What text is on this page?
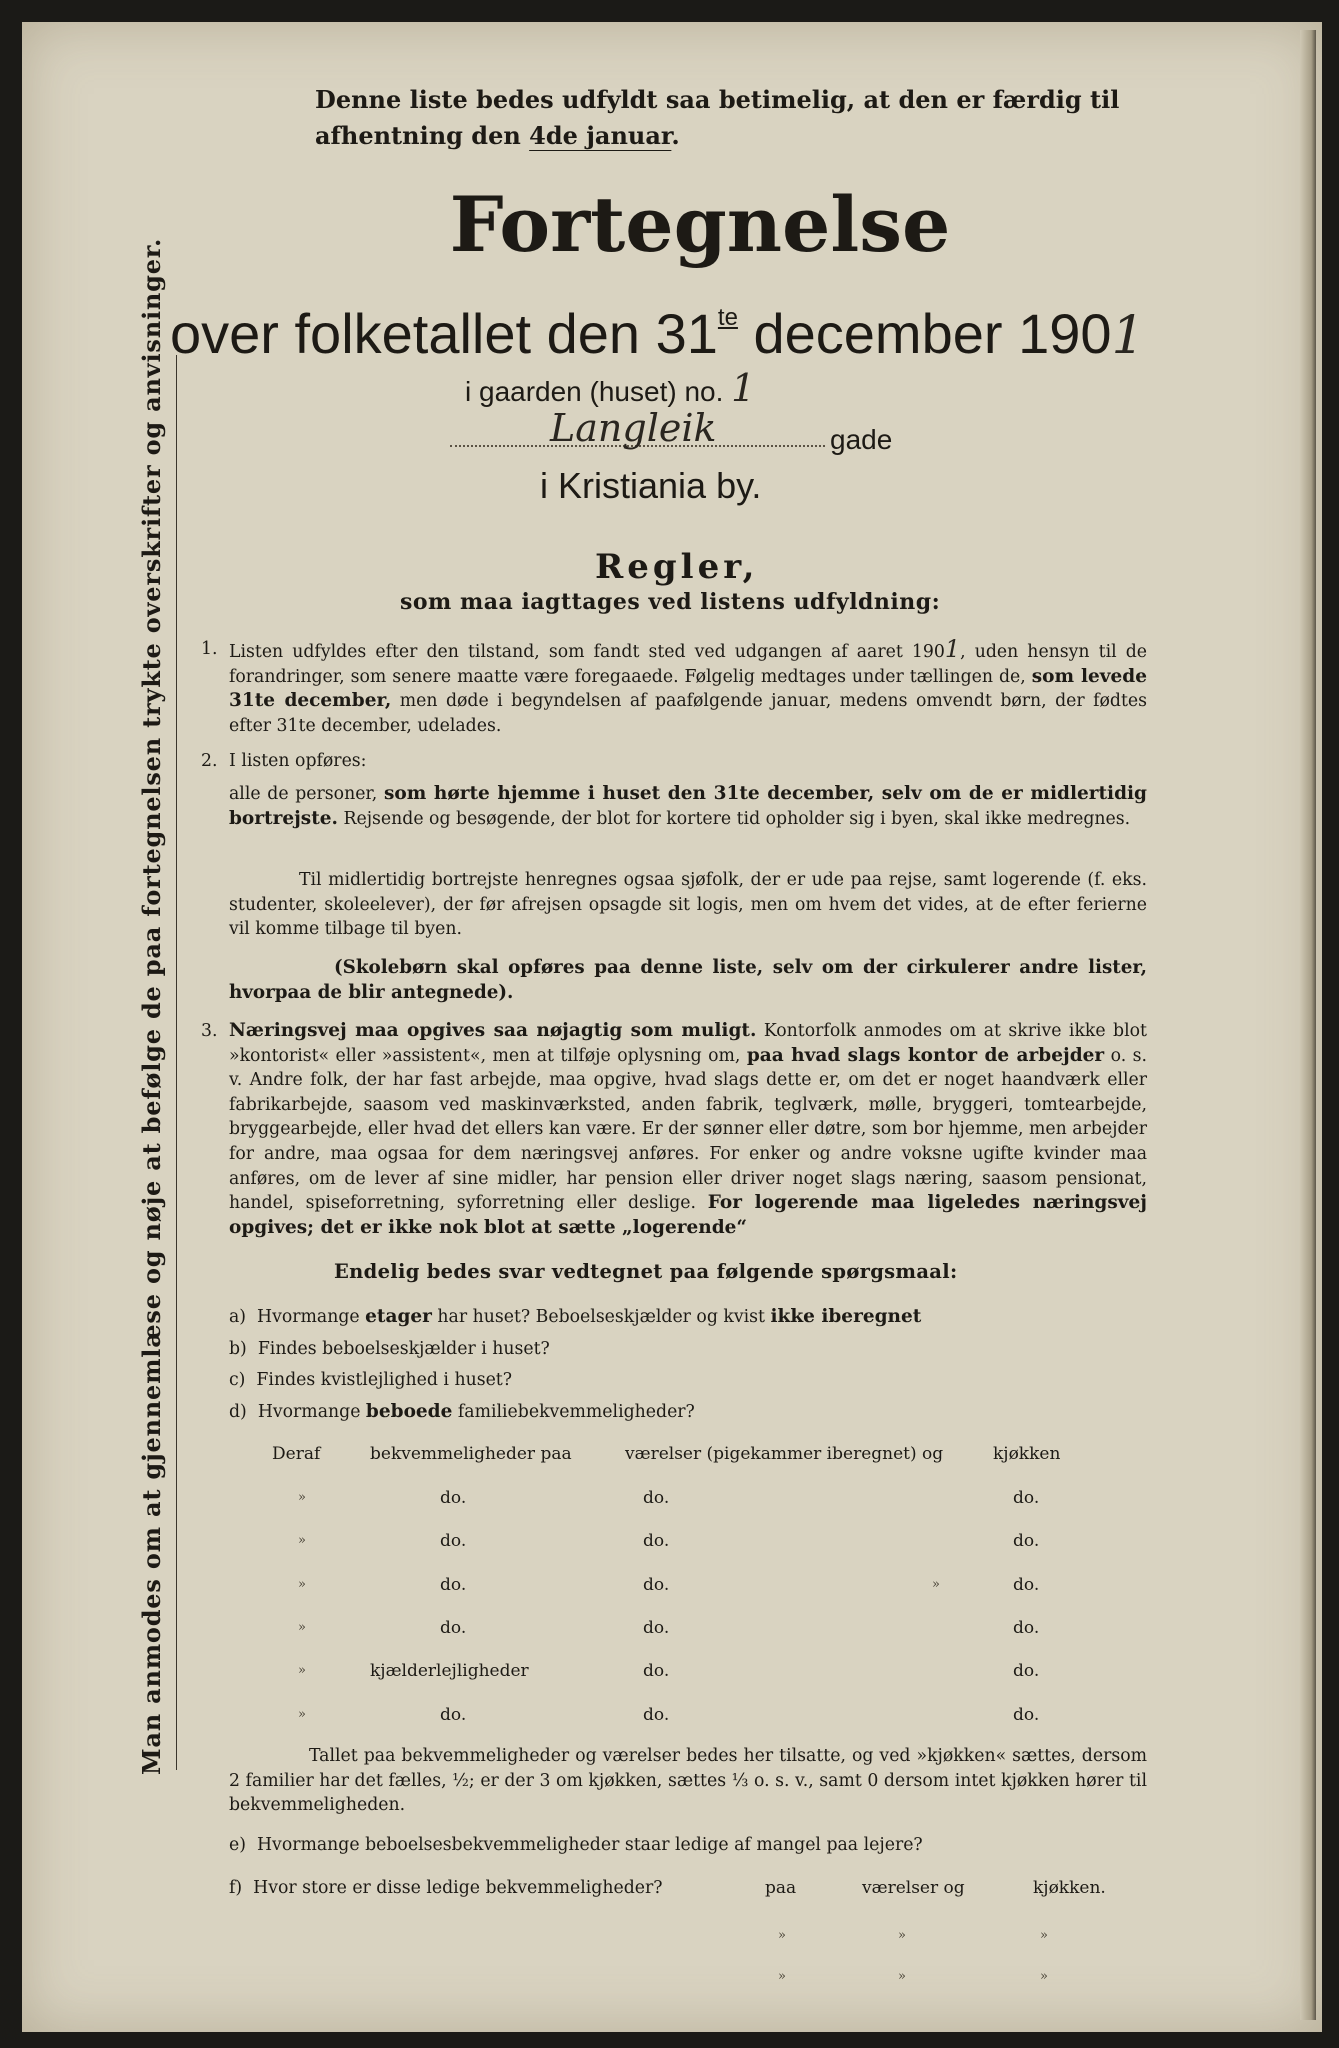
Man anmodes om at gjennemlæse og nøje at befølge de paa fortegnelsen trykte overskrifter og anvisninger.
Denne liste bedes udfyldt saa betimelig, at den er færdig til afhentning den 4de januar.
Fortegnelse
over folketallet den $31^{te}$ december 1901
i gaarden (huset) no. 1
Langleik	gade
i Kristiania by.
Regler,
som maa iagttages ved listens udfyldning:
1. Listen udfyldes efter den tilstand, som fandt sted ved udgangen af aaret 1901, uden hensyn til de forandringer, som senere maatte være foregaaede. Følgelig medtages under tællingen de, som levede 31te december, men døde i begyndelsen af paafølgende januar, medens omvendt børn, der fødtes efter 31te december, udelades.
2. I listen opføres:
alle de personer, som hørte hjemme i huset den 31te december, selv om de er midlertidig bortrejste. Rejsende og besøgende, der blot for kortere tid opholder sig i byen, skal ikke medregnes.
Til midlertidig bortrejste henregnes ogsaa sjøfolk, der er ude paa rejse, samt logerende (f. eks. studenter, skoleelever), der før afrejsen opsagde sit logis, men om hvem det vides, at de efter ferierne vil komme tilbage til byen.
(Skolebørn skal opføres paa denne liste, selv om der cirkulerer andre lister, hvorpaa de blir antegnede).
3. Næringsvej maa opgives saa nøjagtig som muligt. Kontorfolk anmodes om at skrive ikke blot »kontorist« eller »assistent«, men at tilføje oplysning om, paa hvad slags kontor de arbejder o. s. v. Andre folk, der har fast arbejde, maa opgive, hvad slags dette er, om det er noget haandværk eller fabrikarbejde, saasom ved maskinværksted, anden fabrik, teglværk, mølle, bryggeri, tomtearbejde, bryggearbejde, eller hvad det ellers kan være. Er der sønner eller døtre, som bor hjemme, men arbejder for andre, maa ogsaa for dem næringsvej anføres. For enker og andre voksne ugifte kvinder maa anføres, om de lever af sine midler, har pension eller driver noget slags næring, saasom pensionat, handel, spiseforretning, syforretning eller deslige. For logerende maa ligeledes næringsvej opgives; det er ikke nok blot at sætte „logerende“
Endelig bedes svar vedtegnet paa følgende spørgsmaal:
a) Hvormange etager har huset? Beboelseskjælder og kvist ikke iberegnet
b) Findes beboelseskjælder i huset?
c) Findes kvistlejlighed i huset?
d) Hvormange beboede familiebekvemmeligheder?
Deraf	bekvemmeligheder paa	værelser (pigekammer iberegnet) og	kjøkken
»	do.	do.	do.
»	do.	do.	do.
»	do.	do.	»	do.
»	do.	do.	do.
»	kjælderlejligheder	do.	do.
»	do.	do.	do.
Tallet paa bekvemmeligheder og værelser bedes her tilsatte, og ved »kjøkken« sættes, dersom 2 familier har det fælles, ½; er der 3 om kjøkken, sættes ⅓ o. s. v., samt 0 dersom intet kjøkken hører til bekvemmeligheden.
e) Hvormange beboelsesbekvemmeligheder staar ledige af mangel paa lejere?
f) Hvor store er disse ledige bekvemmeligheder?	paa	værelser og	kjøkken.
»	»	»
»	»	»
